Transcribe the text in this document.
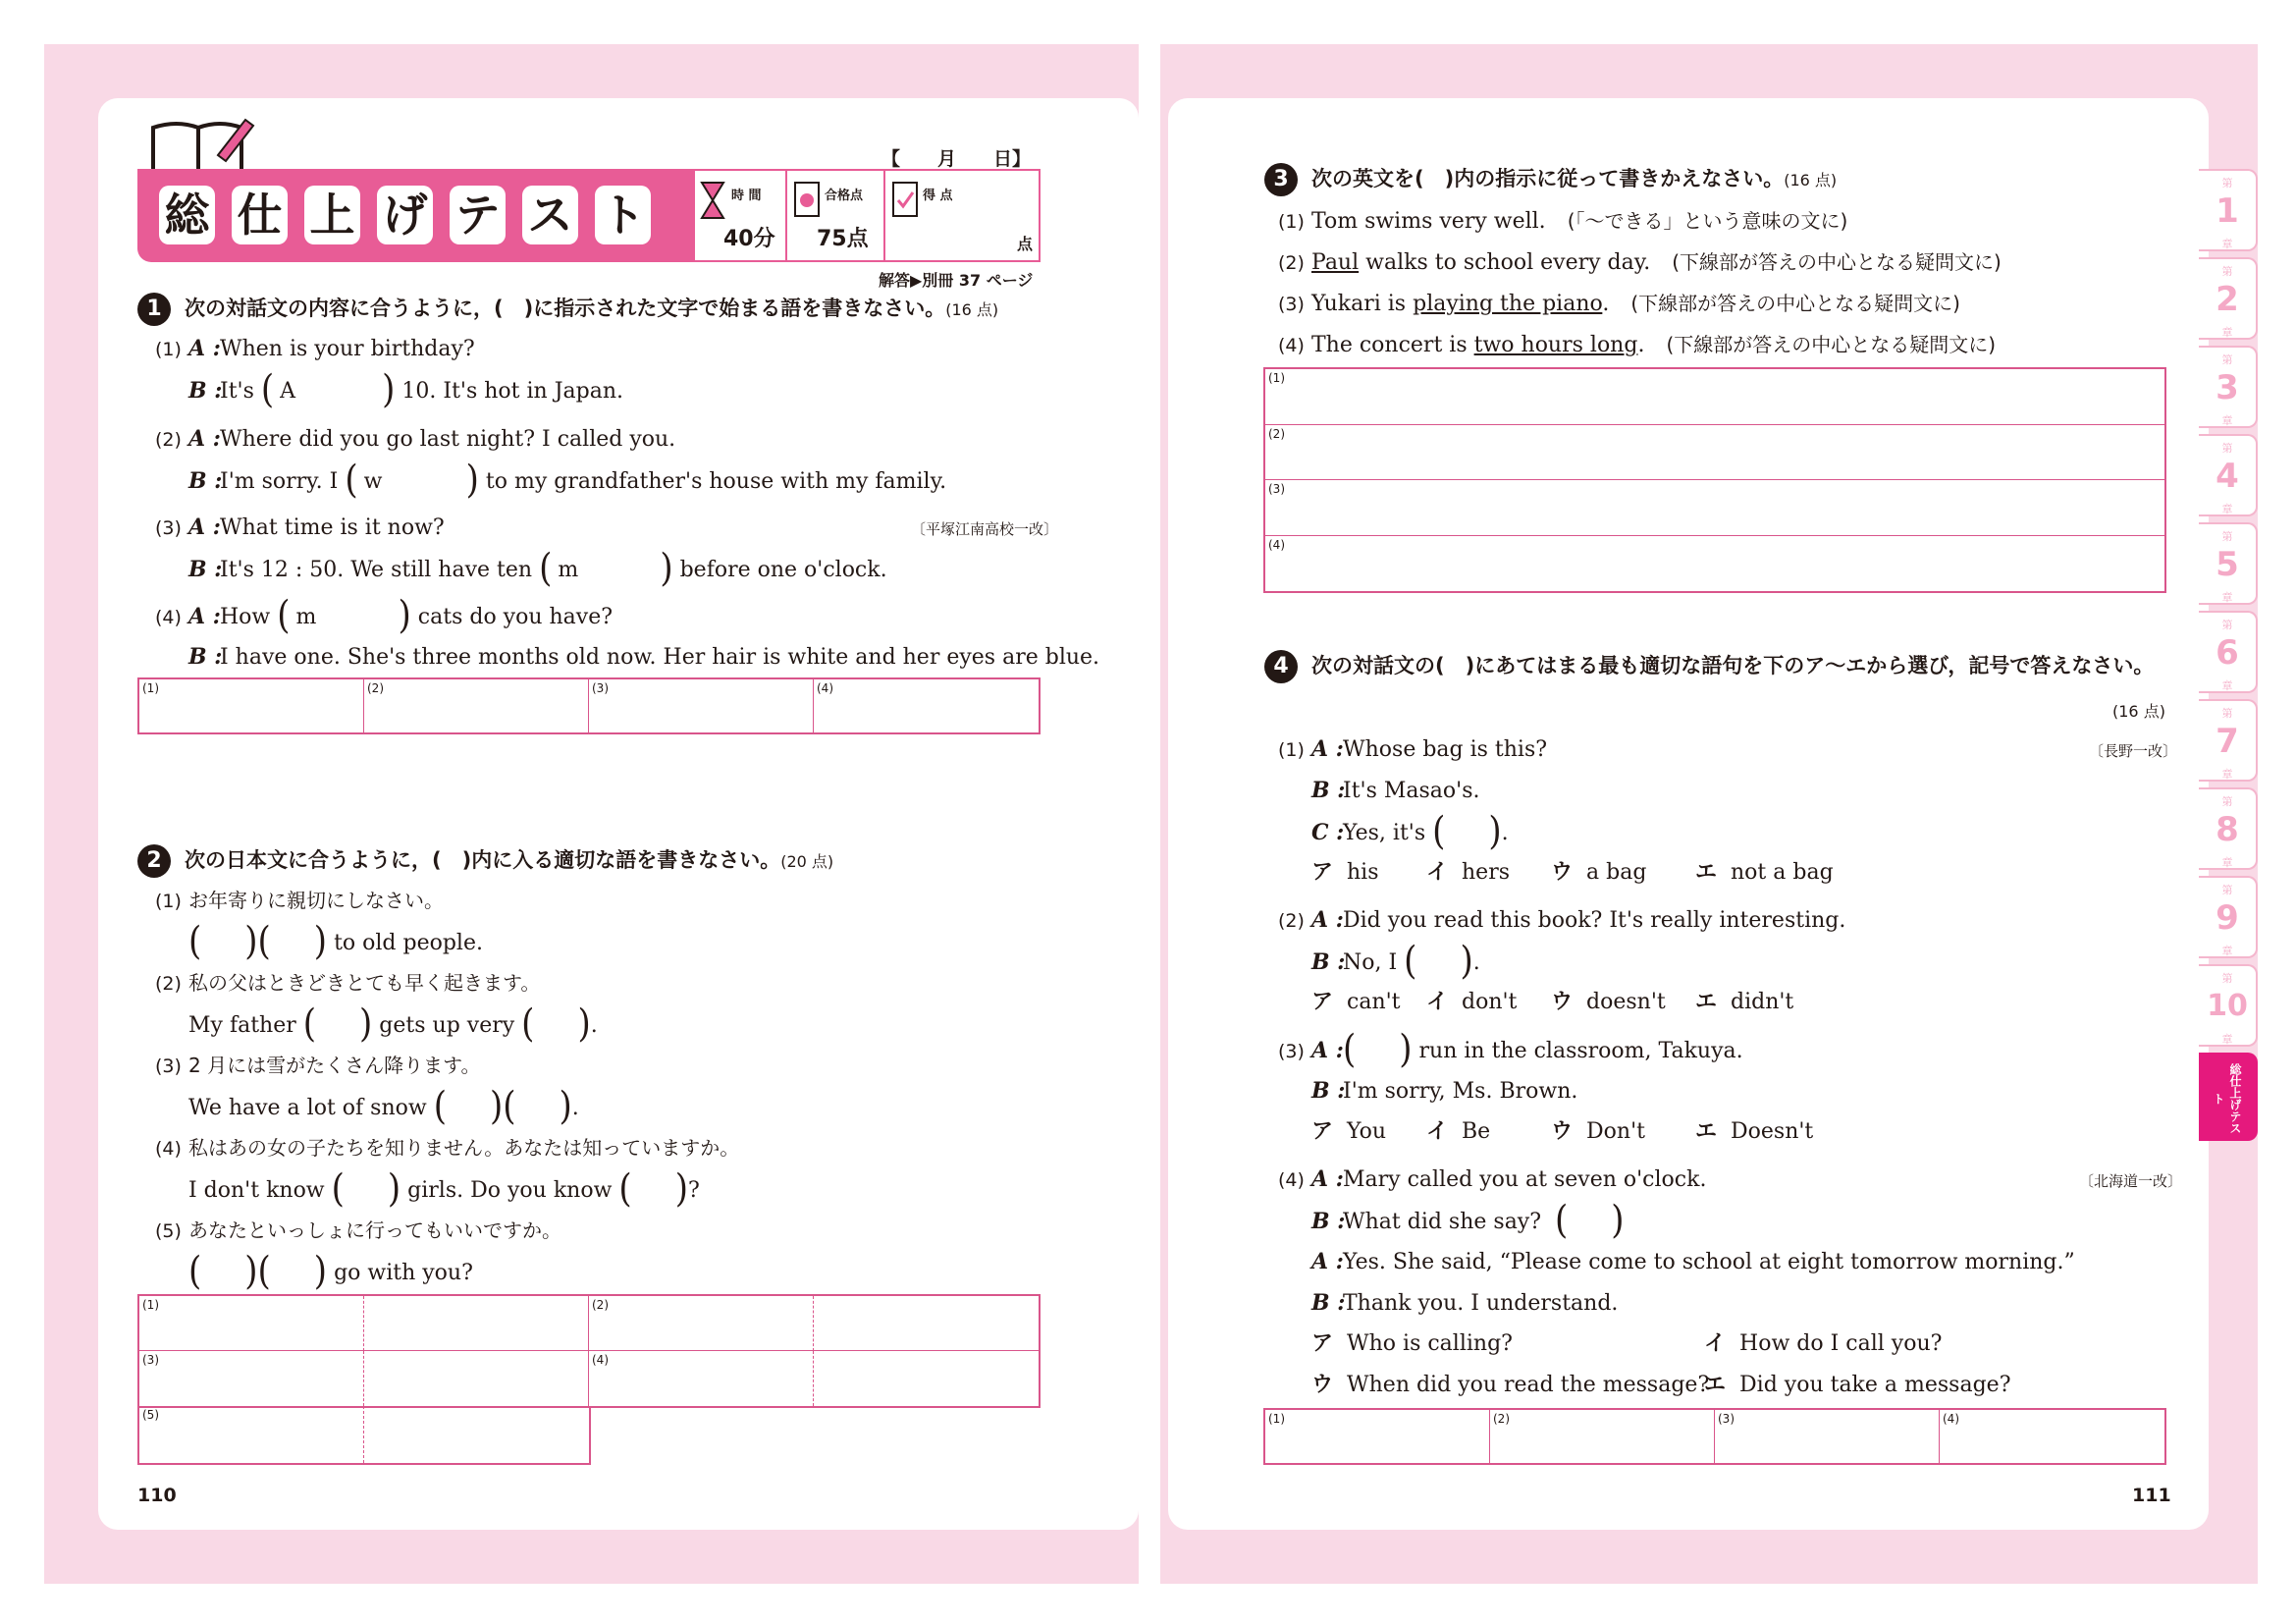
総 仕 上 げ テ ス ト
【　　月　　日】
時 間
40分
合格点
75点
得 点
点
解答▶別冊 37 ページ
1 次の対話文の内容に合うように，(　)に指示された文字で始まる語を書きなさい。(16 点)
(1) A :When is your birthday?
B :It's ( A	) 10. It's hot in Japan.
(2) A :Where did you go last night? I called you.
B :I'm sorry. I ( w	) to my grandfather's house with my family.
(3) A :What time is it now?	〔平塚江南高校一改〕
B :It's 12 : 50. We still have ten ( m ) before one o'clock.
(4) A :How ( m ) cats do you have?
B :I have one. She's three months old now. Her hair is white and her eyes are blue.
(1)	(2)	(3)	(4)
2 次の日本文に合うように，(　)内に入る適切な語を書きなさい。(20 点)
(1) お年寄りに親切にしなさい。
( )( ) to old people.
(2) 私の父はときどきとても早く起きます。
My father ( ) gets up very ( ).
(3) 2 月には雪がたくさん降ります。
We have a lot of snow ( )( ).
(4) 私はあの女の子たちを知りません。あなたは知っていますか。
I don't know ( ) girls. Do you know ( )?
(5) あなたといっしょに行ってもいいですか。
( )( ) go with you?
(1)	(2)
(3)	(4)
(5)
110
3 次の英文を(　)内の指示に従って書きかえなさい。(16 点)
(1) Tom swims very well.　 (「～できる」という意味の文に)
(2) Paul walks to school every day.　 (下線部が答えの中心となる疑問文に)
(3) Yukari is playing the piano.　 (下線部が答えの中心となる疑問文に)
(4) The concert is two hours long.　 (下線部が答えの中心となる疑問文に)
(1)
(2)
(3)
(4)
4 次の対話文の(　)にあてはまる最も適切な語句を下のア～エから選び，記号で答えなさい。
(16 点)
(1) A :Whose bag is this?	〔長野一改〕
B :It's Masao's.
C :Yes, it's ( ).
ア his イ hers ウ a bag エ not a bag
(2) A :Did you read this book? It's really interesting.
B :No, I ( ).
ア can't イ don't ウ doesn't エ didn't
(3) A :( ) run in the classroom, Takuya.
B :I'm sorry, Ms. Brown.
ア You イ Be	ウ Don't エ Doesn't
(4) A :Mary called you at seven o'clock.	〔北海道一改〕
B :What did she say? ( )
A :Yes. She said, “Please come to school at eight tomorrow morning.”
B :Thank you. I understand.
ア Who is calling?	イ How do I call you?
ウ When did you read the message?
エ Did you take a message?
(1)	(2)	(3)	(4)
111
第
1
章
第
2
章
第
3
章
第
4
章
第
5
章
第
6
章
第
7
章
第
8
章
第
9
章
第
10
章
総仕上げテスト
